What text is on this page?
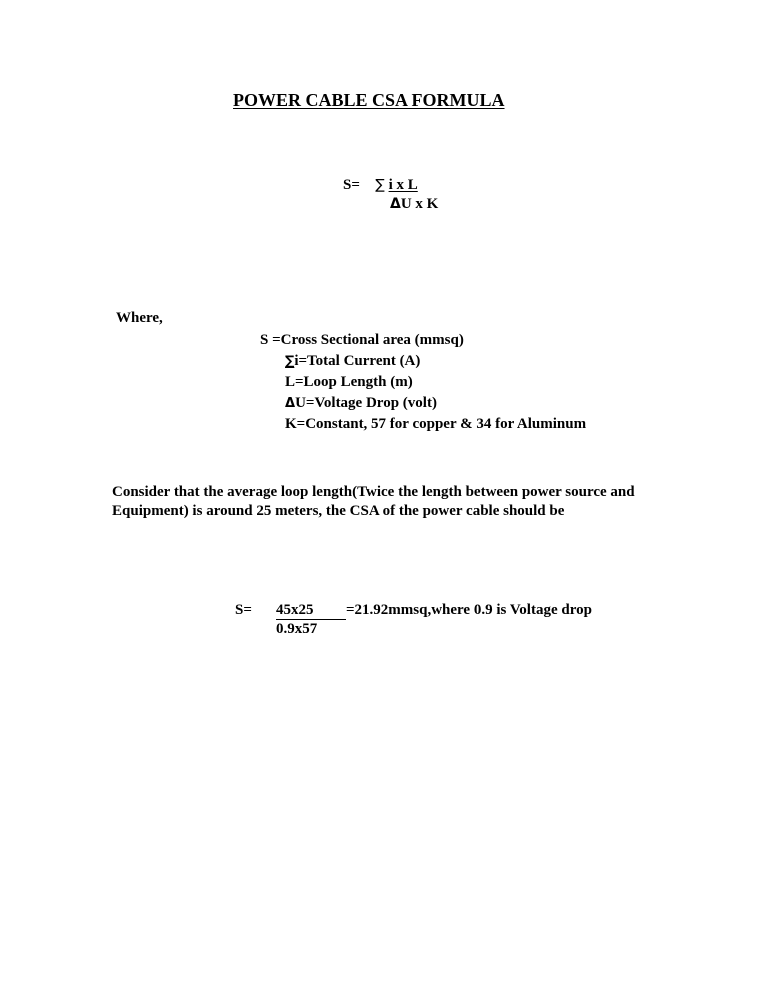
POWER CABLE CSA FORMULA
S= ∑ i x L
ΔU x K
Where,
S =Cross Sectional area (mmsq)
∑i=Total Current (A)
L=Loop Length (m)
ΔU=Voltage Drop (volt)
K=Constant, 57 for copper & 34 for Aluminum
Consider that the average loop length(Twice the length between power source and Equipment) is around 25 meters, the CSA of the power cable should be
S= 45x25 =21.92mmsq,where 0.9 is Voltage drop
0.9x57
